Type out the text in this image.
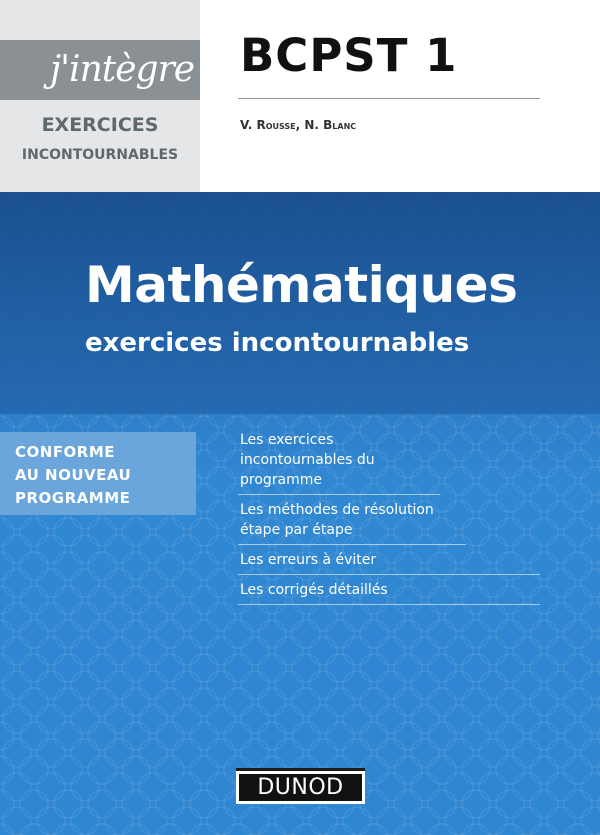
j'intègre
EXERCICES
INCONTOURNABLES
BCPST 1
V. Rousse, N. Blanc
Mathématiques
exercices incontournables
CONFORME
AU NOUVEAU
PROGRAMME
Les exercices incontournables du programme
Les méthodes de résolution étape par étape
Les erreurs à éviter
Les corrigés détaillés
DUNOD
